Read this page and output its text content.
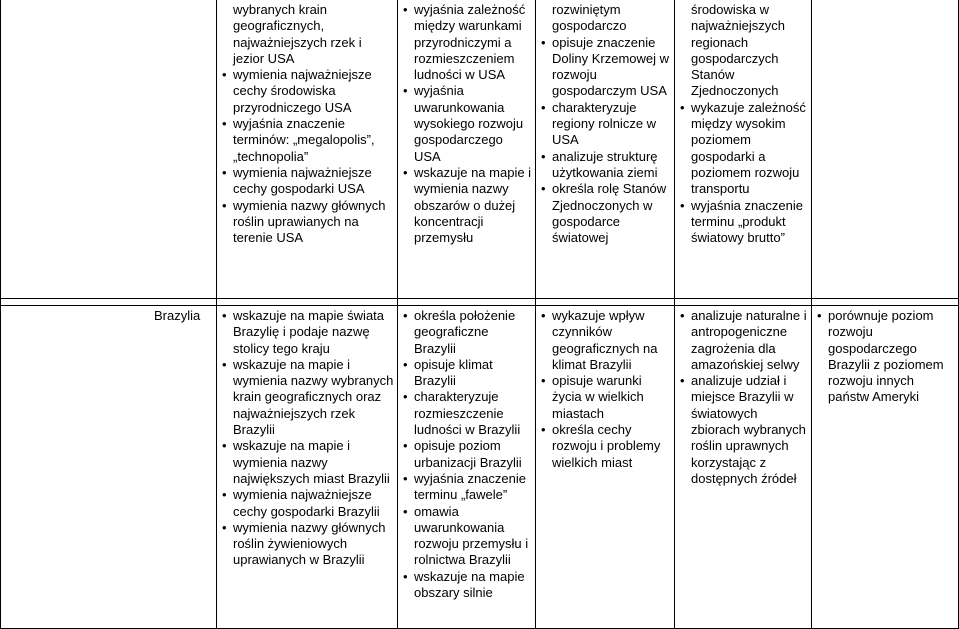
wybranych krain geograficznych, najważniejszych rzek i jezior USA
• wymienia najważniejsze cechy środowiska przyrodniczego USA
• wyjaśnia znaczenie terminów: „megalopolis”, „technopolia”
• wymienia najważniejsze cechy gospodarki USA
• wymienia nazwy głównych roślin uprawianych na terenie USA
• wyjaśnia zależność między warunkami przyrodniczymi a rozmieszczeniem ludności w USA
• wyjaśnia uwarunkowania wysokiego rozwoju gospodarczego USA
• wskazuje na mapie i wymienia nazwy obszarów o dużej koncentracji przemysłu
rozwiniętym gospodarczo
• opisuje znaczenie Doliny Krzemowej w rozwoju gospodarczym USA
• charakteryzuje regiony rolnicze w USA
• analizuje strukturę użytkowania ziemi
• określa rolę Stanów Zjednoczonych w gospodarce światowej
środowiska w najważniejszych regionach gospodarczych Stanów Zjednoczonych
• wykazuje zależność między wysokim poziomem gospodarki a poziomem rozwoju transportu
• wyjaśnia znaczenie terminu „produkt światowy brutto”
Brazylia
•	wskazuje na mapie świata Brazylię i podaje nazwę stolicy tego kraju
• wskazuje na mapie i wymienia nazwy wybranych krain geograficznych oraz najważniejszych rzek Brazylii
• wskazuje na mapie i wymienia nazwy największych miast Brazylii
• wymienia najważniejsze cechy gospodarki Brazylii
• wymienia nazwy głównych roślin żywieniowych uprawianych w Brazylii
• określa położenie geograficzne Brazylii
• opisuje klimat Brazylii
• charakteryzuje rozmieszczenie ludności w Brazylii
• opisuje poziom urbanizacji Brazylii
• wyjaśnia znaczenie terminu „fawele”
• omawia uwarunkowania rozwoju przemysłu i rolnictwa Brazylii
• wskazuje na mapie obszary silnie
• wykazuje wpływ czynników geograficznych na klimat Brazylii
• opisuje warunki życia w wielkich miastach
• określa cechy rozwoju i problemy wielkich miast
• analizuje naturalne i antropogeniczne zagrożenia dla amazońskiej selwy
• analizuje udział i miejsce Brazylii w światowych zbiorach wybranych roślin uprawnych korzystając z dostępnych źródeł
• porównuje poziom rozwoju gospodarczego Brazylii z poziomem rozwoju innych państw Ameryki
